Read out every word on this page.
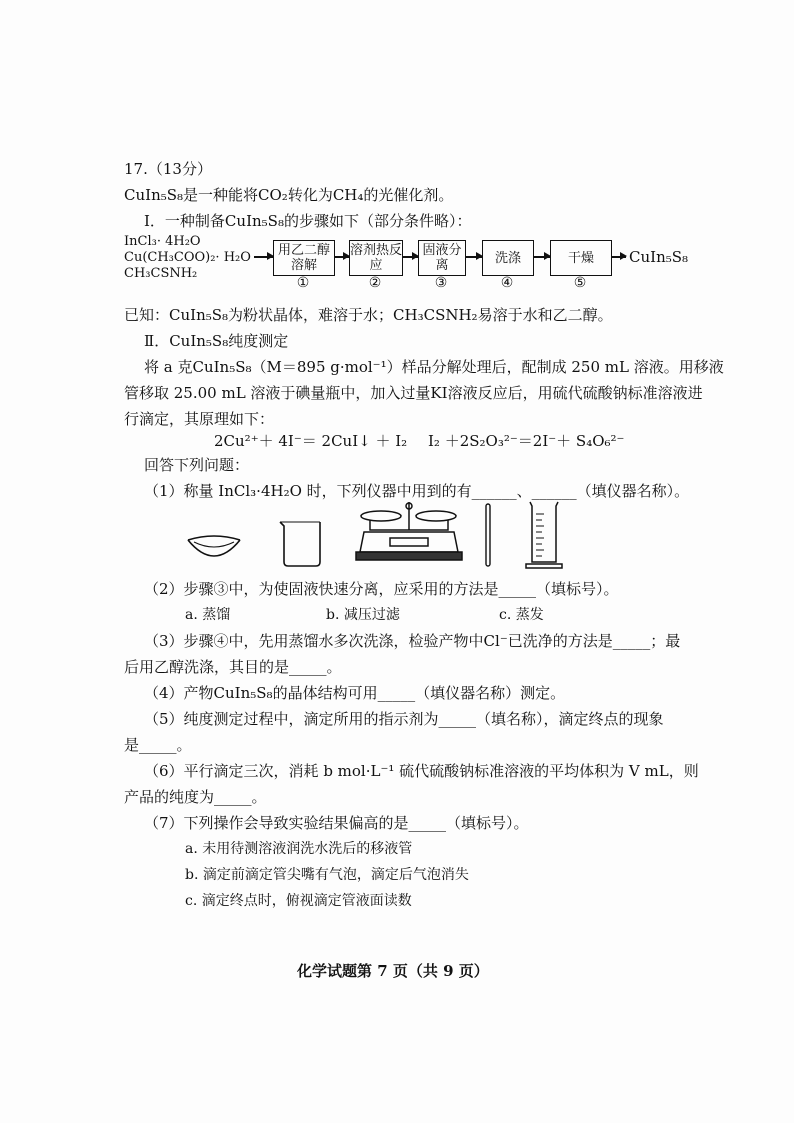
17.（13分）
CuIn₅S₈是一种能将CO₂转化为CH₄的光催化剂。
Ⅰ．一种制备CuIn₅S₈的步骤如下（部分条件略）：
InCl₃· 4H₂O
Cu(CH₃COO)₂· H₂O
CH₃CSNH₂
用乙二醇溶解
①
溶剂热反应
②
固液分离
③
洗涤
④
干燥
⑤
CuIn₅S₈
已知：CuIn₅S₈为粉状晶体，难溶于水；CH₃CSNH₂易溶于水和乙二醇。
Ⅱ．CuIn₅S₈纯度测定
将 a 克CuIn₅S₈（M＝895 g·mol⁻¹）样品分解处理后，配制成 250 mL 溶液。用移液
管移取 25.00 mL 溶液于碘量瓶中，加入过量KI溶液反应后，用硫代硫酸钠标准溶液进
行滴定，其原理如下：
2Cu²⁺＋ 4I⁻＝ 2CuI↓ ＋ I₂ I₂ ＋2S₂O₃²⁻＝2I⁻＋ S₄O₆²⁻
回答下列问题：
（1）称量 InCl₃·4H₂O 时，下列仪器中用到的有______、______（填仪器名称）。
（2）步骤③中，为使固液快速分离，应采用的方法是_____（填标号）。
a. 蒸馏	b. 减压过滤	c. 蒸发
（3）步骤④中，先用蒸馏水多次洗涤，检验产物中Cl⁻已洗净的方法是_____；最
后用乙醇洗涤，其目的是_____。
（4）产物CuIn₅S₈的晶体结构可用_____（填仪器名称）测定。
（5）纯度测定过程中，滴定所用的指示剂为_____（填名称），滴定终点的现象
是_____。
（6）平行滴定三次，消耗 b mol·L⁻¹ 硫代硫酸钠标准溶液的平均体积为 V mL，则
产品的纯度为_____。
（7）下列操作会导致实验结果偏高的是_____（填标号）。
a. 未用待测溶液润洗水洗后的移液管
b. 滴定前滴定管尖嘴有气泡，滴定后气泡消失
c. 滴定终点时，俯视滴定管液面读数
化学试题第 7 页（共 9 页）
